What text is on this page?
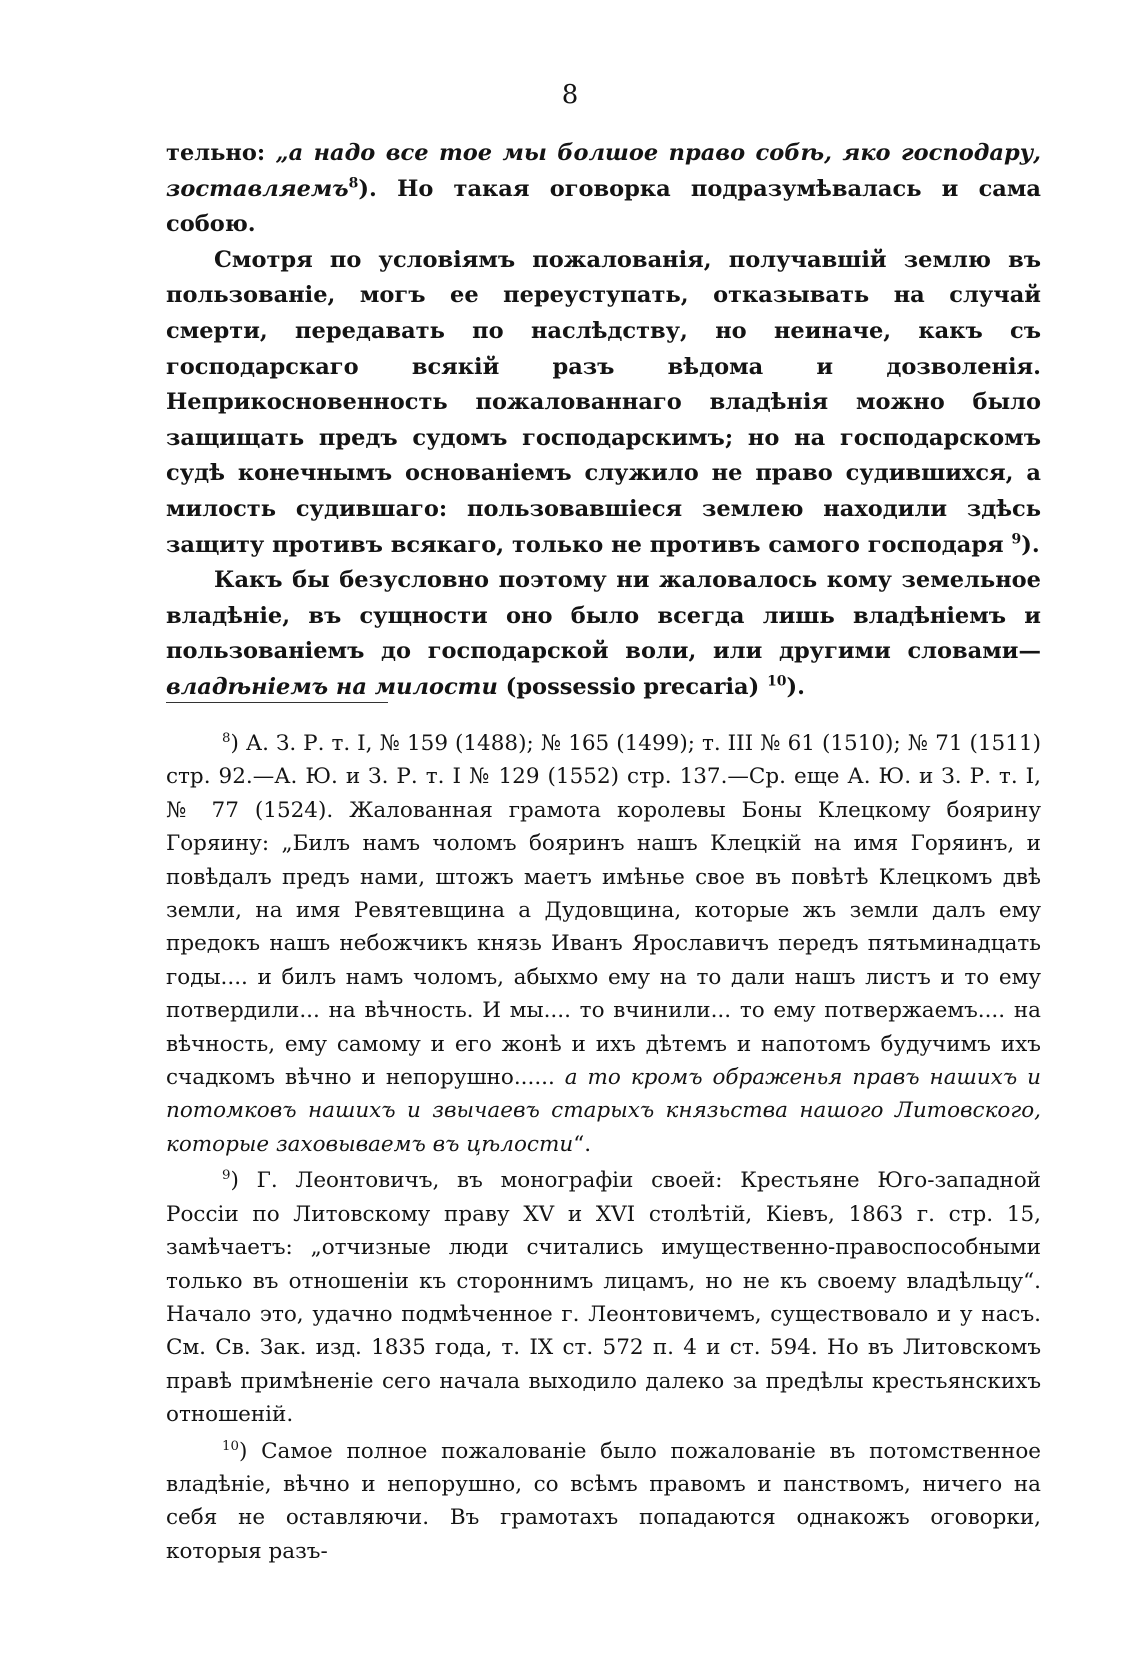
8

тельно: „а надо все тое мы болшое право собѣ, яко господару, зоставляемъ$^8$). Но такая оговорка подразумѣвалась и сама собою.

Смотря по условіямъ пожалованія, получавшій землю въ пользованіе, могъ ее переуступать, отказывать на случай смерти, передавать по наслѣдству, но неиначе, какъ съ господарскаго всякій разъ вѣдома и дозволенія. Неприкосновенность пожалованнаго владѣнія можно было защищать предъ судомъ господарскимъ; но на господарскомъ судѣ конечнымъ основаніемъ служило не право судившихся, а милость судившаго: пользовавшіеся землею находили здѣсь защиту противъ всякаго, только не противъ самого господаря $^9$).

Какъ бы безусловно поэтому ни жаловалось кому земельное владѣніе, въ сущности оно было всегда лишь владѣніемъ и пользованіемъ до господарской воли, или другими словами—владѣніемъ на милости (possessio precaria) $^{10}$).

$^8$) А. З. Р. т. I, № 159 (1488); № 165 (1499); т. III № 61 (1510); № 71 (1511) стр. 92.—А. Ю. и З. Р. т. I № 129 (1552) стр. 137.—Ср. еще А. Ю. и З. Р. т. I, № 77 (1524). Жалованная грамота королевы Боны Клецкому боярину Горяину: „Билъ намъ чоломъ бояринъ нашъ Клецкій на имя Горяинъ, и повѣдалъ предъ нами, штожъ маетъ имѣнье свое въ повѣтѣ Клецкомъ двѣ земли, на имя Ревятевщина а Дудовщина, которые жъ земли далъ ему предокъ нашъ небожчикъ князь Иванъ Ярославичъ передъ пятьминадцать годы.... и билъ намъ чоломъ, абыхмо ему на то дали нашъ листъ и то ему потвердили... на вѣчность. И мы.... то вчинили... то ему потвержаемъ.... на вѣчность, ему самому и его жонѣ и ихъ дѣтемъ и напотомъ будучимъ ихъ счадкомъ вѣчно и непорушно...... а то кромъ ображенья правъ нашихъ и потомковъ нашихъ и звычаевъ старыхъ князьства нашого Литовского, которые заховываемъ въ цѣлости“.

$^9$) Г. Леонтовичъ, въ монографіи своей: Крестьяне Юго-западной Россіи по Литовскому праву XV и XVI столѣтій, Кіевъ, 1863 г. стр. 15, замѣчаетъ: „отчизные люди считались имущественно-правоспособными только въ отношеніи къ стороннимъ лицамъ, но не къ своему владѣльцу“. Начало это, удачно подмѣченное г. Леонтовичемъ, существовало и у насъ. См. Св. Зак. изд. 1835 года, т. IX ст. 572 п. 4 и ст. 594. Но въ Литовскомъ правѣ примѣненіе сего начала выходило далеко за предѣлы крестьянскихъ отношеній.

$^{10}$) Самое полное пожалованіе было пожалованіе въ потомственное владѣніе, вѣчно и непорушно, со всѣмъ правомъ и панствомъ, ничего на себя не оставляючи. Въ грамотахъ попадаются однакожъ оговорки, которыя разъ-
